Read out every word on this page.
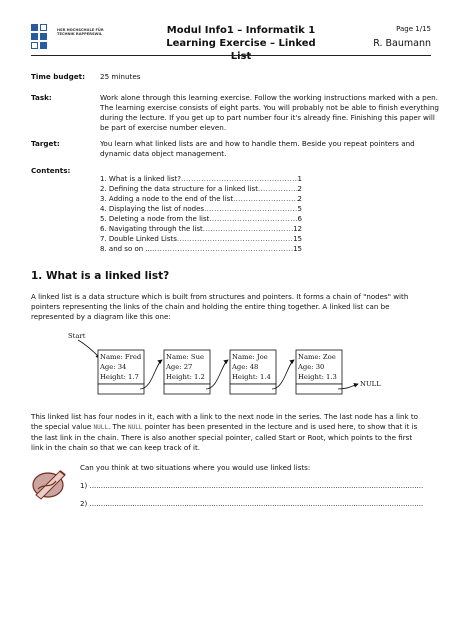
HSR HOCHSCHULE FÜR TECHNIK RAPPERSWIL	Modul Info1 – Informatik 1
Learning Exercise – Linked List
Page 1/15
R. Baumann
Time budget:	25 minutes
Task:	Work alone through this learning exercise. Follow the working instructions marked with a pen. The learning exercise consists of eight parts. You will probably not be able to finish everything during the lecture. If you get up to part number four it's already fine. Finishing this paper will be part of exercise number eleven.
Target:	You learn what linked lists are and how to handle them. Beside you repeat pointers and dynamic data object management.
Contents:
1. What is a linked list? .....	1
2. Defining the data structure for a linked list .....	2
3. Adding a node to the end of the list .....	2
4. Displaying the list of nodes .....	5
5. Deleting a node from the list .....	6
6. Navigating through the list .....	12
7. Double Linked Lists .....	15
8. and so on ... .....	15
1. What is a linked list?
A linked list is a data structure which is built from structures and pointers. It forms a chain of "nodes" with pointers representing the links of the chain and holding the entire thing together. A linked list can be represented by a diagram like this one:
Start
Name: Fred
Age: 34
Height: 1.7
Name: Sue
Age: 27
Height: 1.2
Name: Joe
Age: 48
Height: 1.4
Name: Zoe
Age: 30
Height: 1.3
NULL
This linked list has four nodes in it, each with a link to the next node in the series. The last node has a link to the special value NULL. The NULL pointer has been presented in the lecture and is used here, to show that it is the last link in the chain. There is also another special pointer, called Start or Root, which points to the first link in the chain so that we can keep track of it.
Can you think at two situations where you would use linked lists:
1) ....................................................................................................................................................
2) ....................................................................................................................................................
